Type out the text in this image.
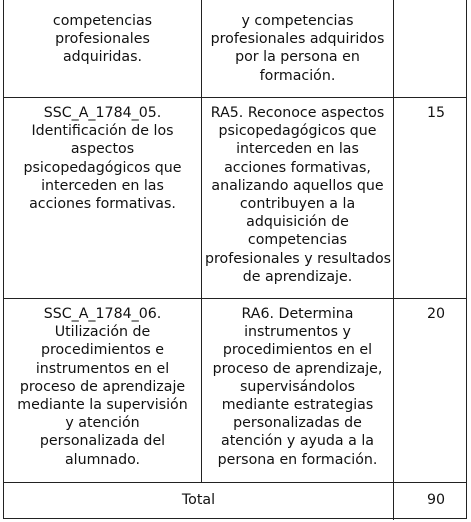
competencias
profesionales
adquiridas.
y competencias
profesionales adquiridos
por la persona en
formación.
SSC_A_1784_05.
Identificación de los
aspectos
psicopedagógicos que
interceden en las
acciones formativas.
RA5. Reconoce aspectos
psicopedagógicos que
interceden en las
acciones formativas,
analizando aquellos que
contribuyen a la
adquisición de
competencias
profesionales y resultados
de aprendizaje.
15
SSC_A_1784_06.
Utilización de
procedimientos e
instrumentos en el
proceso de aprendizaje
mediante la supervisión
y atención
personalizada del
alumnado.
RA6. Determina
instrumentos y
procedimientos en el
proceso de aprendizaje,
supervisándolos
mediante estrategias
personalizadas de
atención y ayuda a la
persona en formación.
20
Total	90
